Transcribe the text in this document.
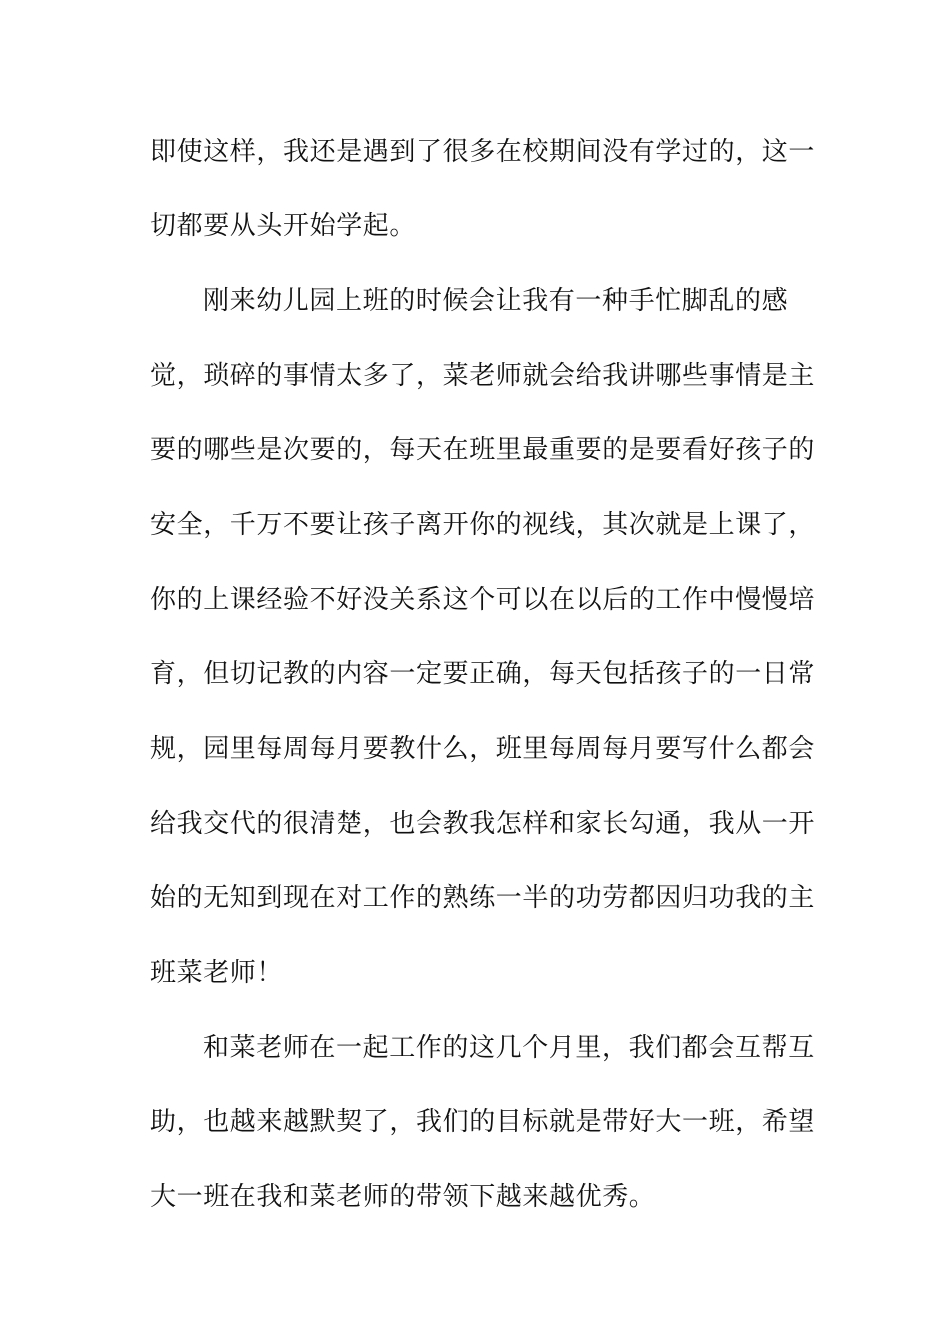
即使这样，我还是遇到了很多在校期间没有学过的，这一
切都要从头开始学起。
刚来幼儿园上班的时候会让我有一种手忙脚乱的感
觉，琐碎的事情太多了，菜老师就会给我讲哪些事情是主
要的哪些是次要的，每天在班里最重要的是要看好孩子的
安全，千万不要让孩子离开你的视线，其次就是上课了，
你的上课经验不好没关系这个可以在以后的工作中慢慢培
育，但切记教的内容一定要正确，每天包括孩子的一日常
规，园里每周每月要教什么，班里每周每月要写什么都会
给我交代的很清楚，也会教我怎样和家长勾通，我从一开
始的无知到现在对工作的熟练一半的功劳都因归功我的主
班菜老师！
和菜老师在一起工作的这几个月里，我们都会互帮互
助，也越来越默契了，我们的目标就是带好大一班，希望
大一班在我和菜老师的带领下越来越优秀。
